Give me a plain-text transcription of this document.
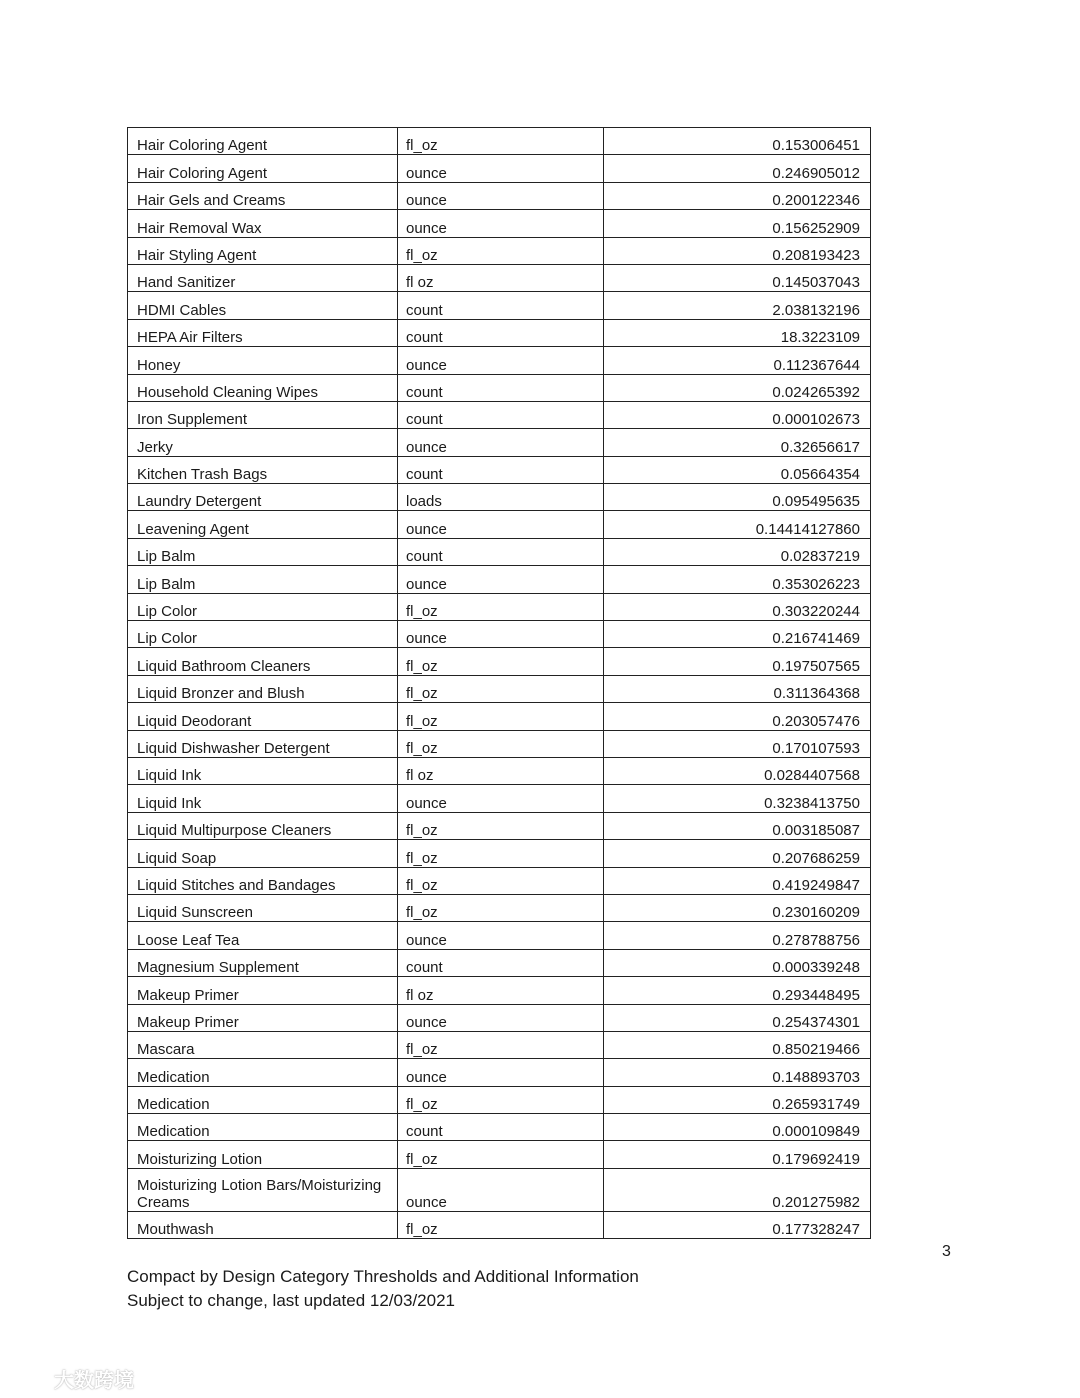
Hair Coloring Agent	fl_oz	0.153006451
Hair Coloring Agent	ounce	0.246905012
Hair Gels and Creams	ounce	0.200122346
Hair Removal Wax	ounce	0.156252909
Hair Styling Agent	fl_oz	0.208193423
Hand Sanitizer	fl oz	0.145037043
HDMI Cables	count	2.038132196
HEPA Air Filters	count	18.3223109
Honey	ounce	0.112367644
Household Cleaning Wipes	count	0.024265392
Iron Supplement	count	0.000102673
Jerky	ounce	0.32656617
Kitchen Trash Bags	count	0.05664354
Laundry Detergent	loads	0.095495635
Leavening Agent	ounce	0.14414127860
Lip Balm	count	0.02837219
Lip Balm	ounce	0.353026223
Lip Color	fl_oz	0.303220244
Lip Color	ounce	0.216741469
Liquid Bathroom Cleaners	fl_oz	0.197507565
Liquid Bronzer and Blush	fl_oz	0.311364368
Liquid Deodorant	fl_oz	0.203057476
Liquid Dishwasher Detergent	fl_oz	0.170107593
Liquid Ink	fl oz	0.0284407568
Liquid Ink	ounce	0.3238413750
Liquid Multipurpose Cleaners	fl_oz	0.003185087
Liquid Soap	fl_oz	0.207686259
Liquid Stitches and Bandages	fl_oz	0.419249847
Liquid Sunscreen	fl_oz	0.230160209
Loose Leaf Tea	ounce	0.278788756
Magnesium Supplement	count	0.000339248
Makeup Primer	fl oz	0.293448495
Makeup Primer	ounce	0.254374301
Mascara	fl_oz	0.850219466
Medication	ounce	0.148893703
Medication	fl_oz	0.265931749
Medication	count	0.000109849
Moisturizing Lotion	fl_oz	0.179692419
Moisturizing Lotion Bars/Moisturizing Creams	ounce	0.201275982
Mouthwash	fl_oz	0.177328247
3
Compact by Design Category Thresholds and Additional Information
Subject to change, last updated 12/03/2021
大数跨境
